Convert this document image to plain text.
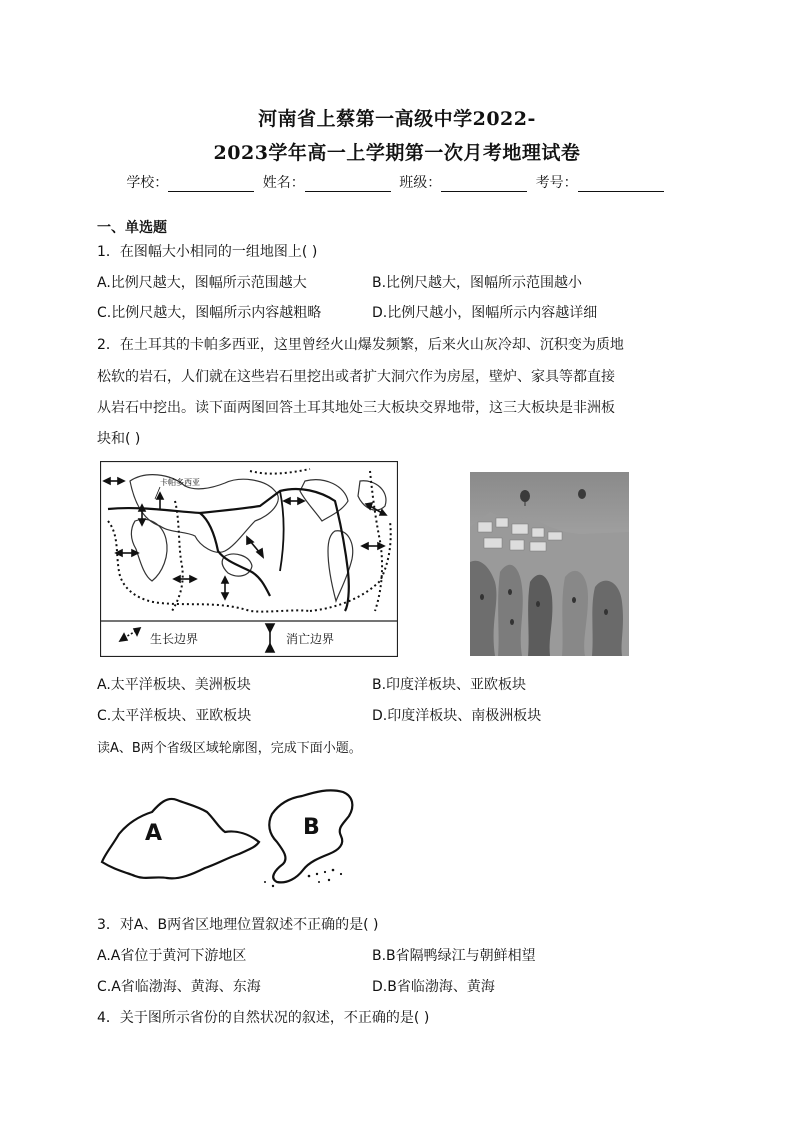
河南省上蔡第一高级中学2022-
2023学年高一上学期第一次月考地理试卷
学校：	姓名：	班级：	考号：
一、单选题
1．在图幅大小相同的一组地图上( )
A.比例尺越大，图幅所示范围越大	B.比例尺越大，图幅所示范围越小
C.比例尺越大，图幅所示内容越粗略	D.比例尺越小，图幅所示内容越详细
2．在土耳其的卡帕多西亚，这里曾经火山爆发频繁，后来火山灰冷却、沉积变为质地
松软的岩石，人们就在这些岩石里挖出或者扩大洞穴作为房屋，壁炉、家具等都直接
从岩石中挖出。读下面两图回答土耳其地处三大板块交界地带，这三大板块是非洲板
块和( )
卡帕多西亚
生长边界	消亡边界
A.太平洋板块、美洲板块	B.印度洋板块、亚欧板块
C.太平洋板块、亚欧板块	D.印度洋板块、南极洲板块
读A、B两个省级区域轮廓图，完成下面小题。
A	B
3．对A、B两省区地理位置叙述不正确的是( )
A.A省位于黄河下游地区	B.B省隔鸭绿江与朝鲜相望
C.A省临渤海、黄海、东海	D.B省临渤海、黄海
4．关于图所示省份的自然状况的叙述，不正确的是( )
